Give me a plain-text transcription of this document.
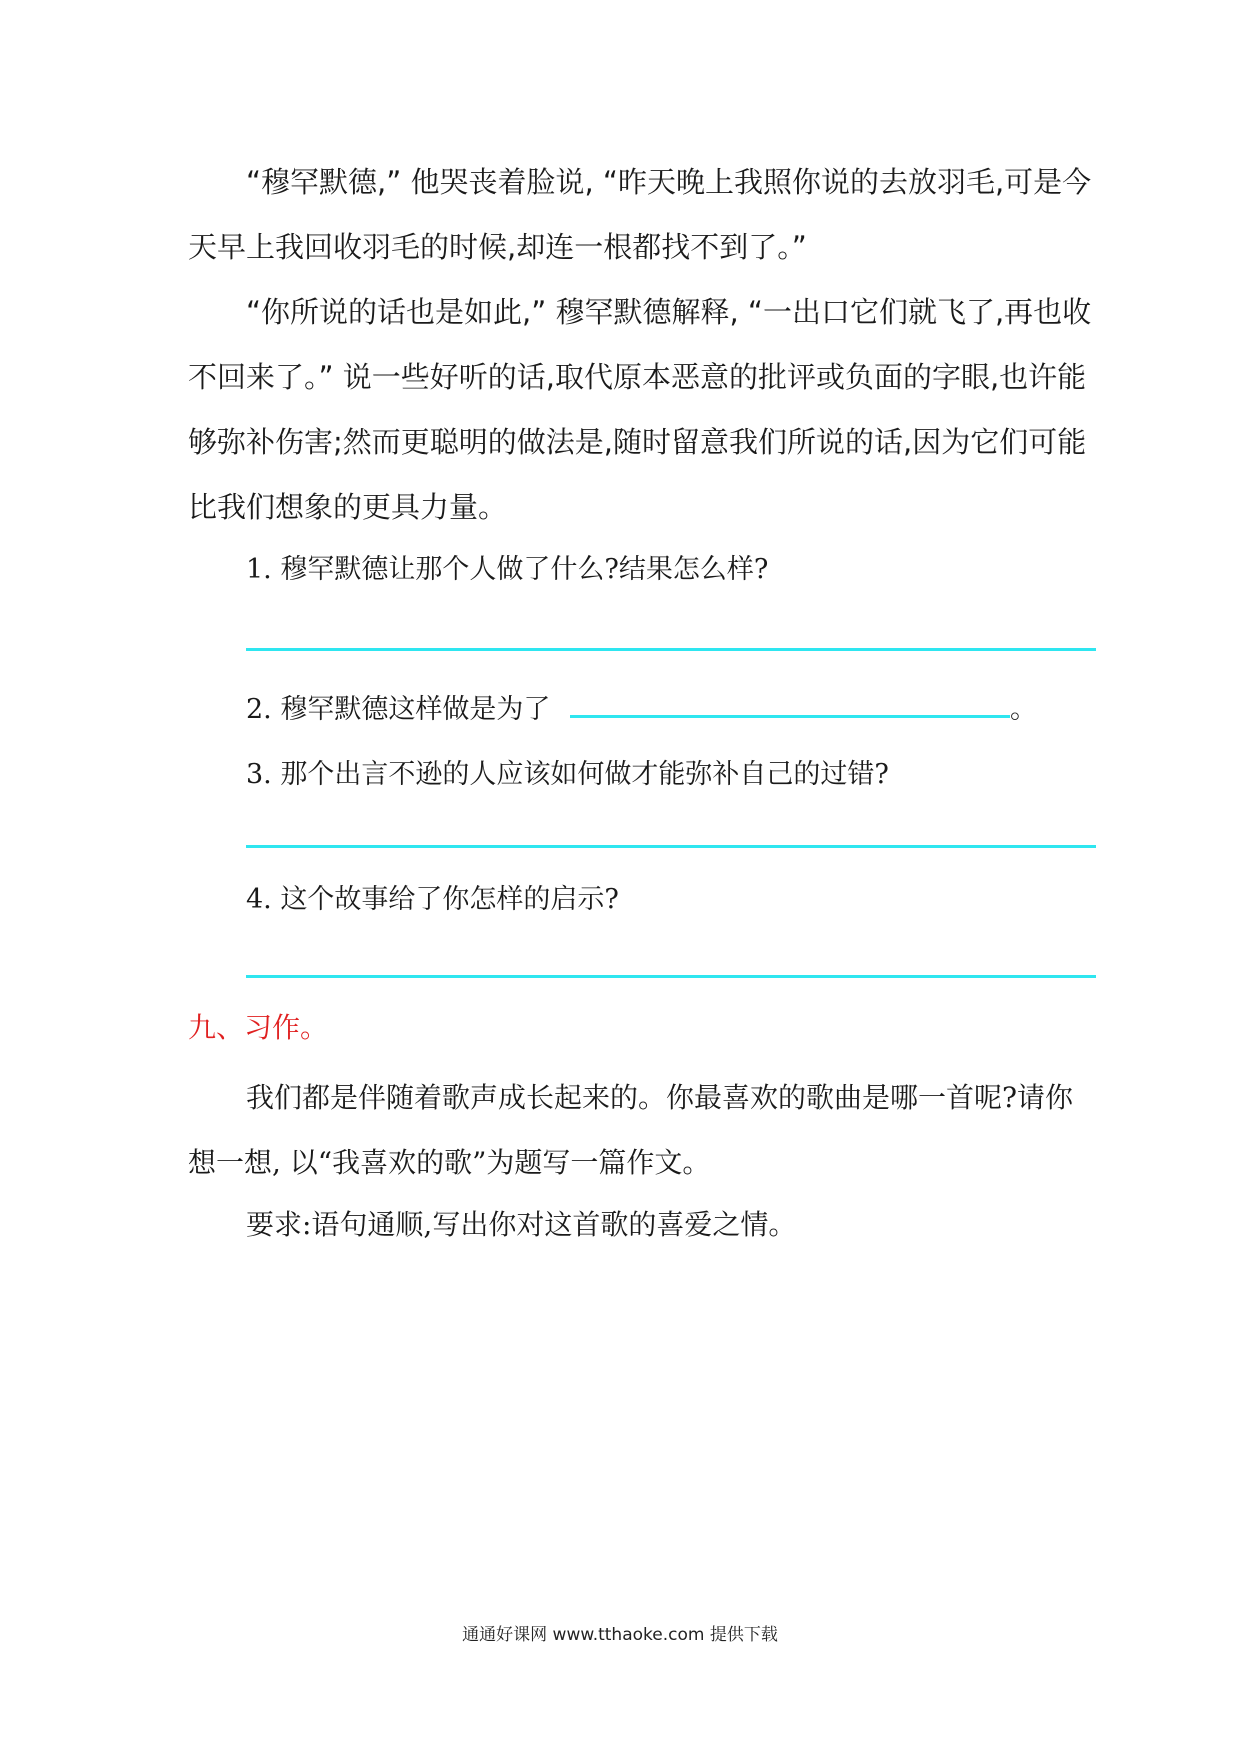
“穆罕默德,” 他哭丧着脸说, “昨天晚上我照你说的去放羽毛,可是今天早上我回收羽毛的时候,却连一根都找不到了。”

“你所说的话也是如此,” 穆罕默德解释, “一出口它们就飞了,再也收不回来了。” 说一些好听的话,取代原本恶意的批评或负面的字眼,也许能够弥补伤害;然而更聪明的做法是,随时留意我们所说的话,因为它们可能比我们想象的更具力量。

1. 穆罕默德让那个人做了什么?结果怎么样?

2. 穆罕默德这样做是为了	。

3. 那个出言不逊的人应该如何做才能弥补自己的过错?

4. 这个故事给了你怎样的启示?

九、习作。

我们都是伴随着歌声成长起来的。你最喜欢的歌曲是哪一首呢?请你想一想, 以“我喜欢的歌”为题写一篇作文。

要求:语句通顺,写出你对这首歌的喜爱之情。

通通好课网 www.tthaoke.com 提供下载
